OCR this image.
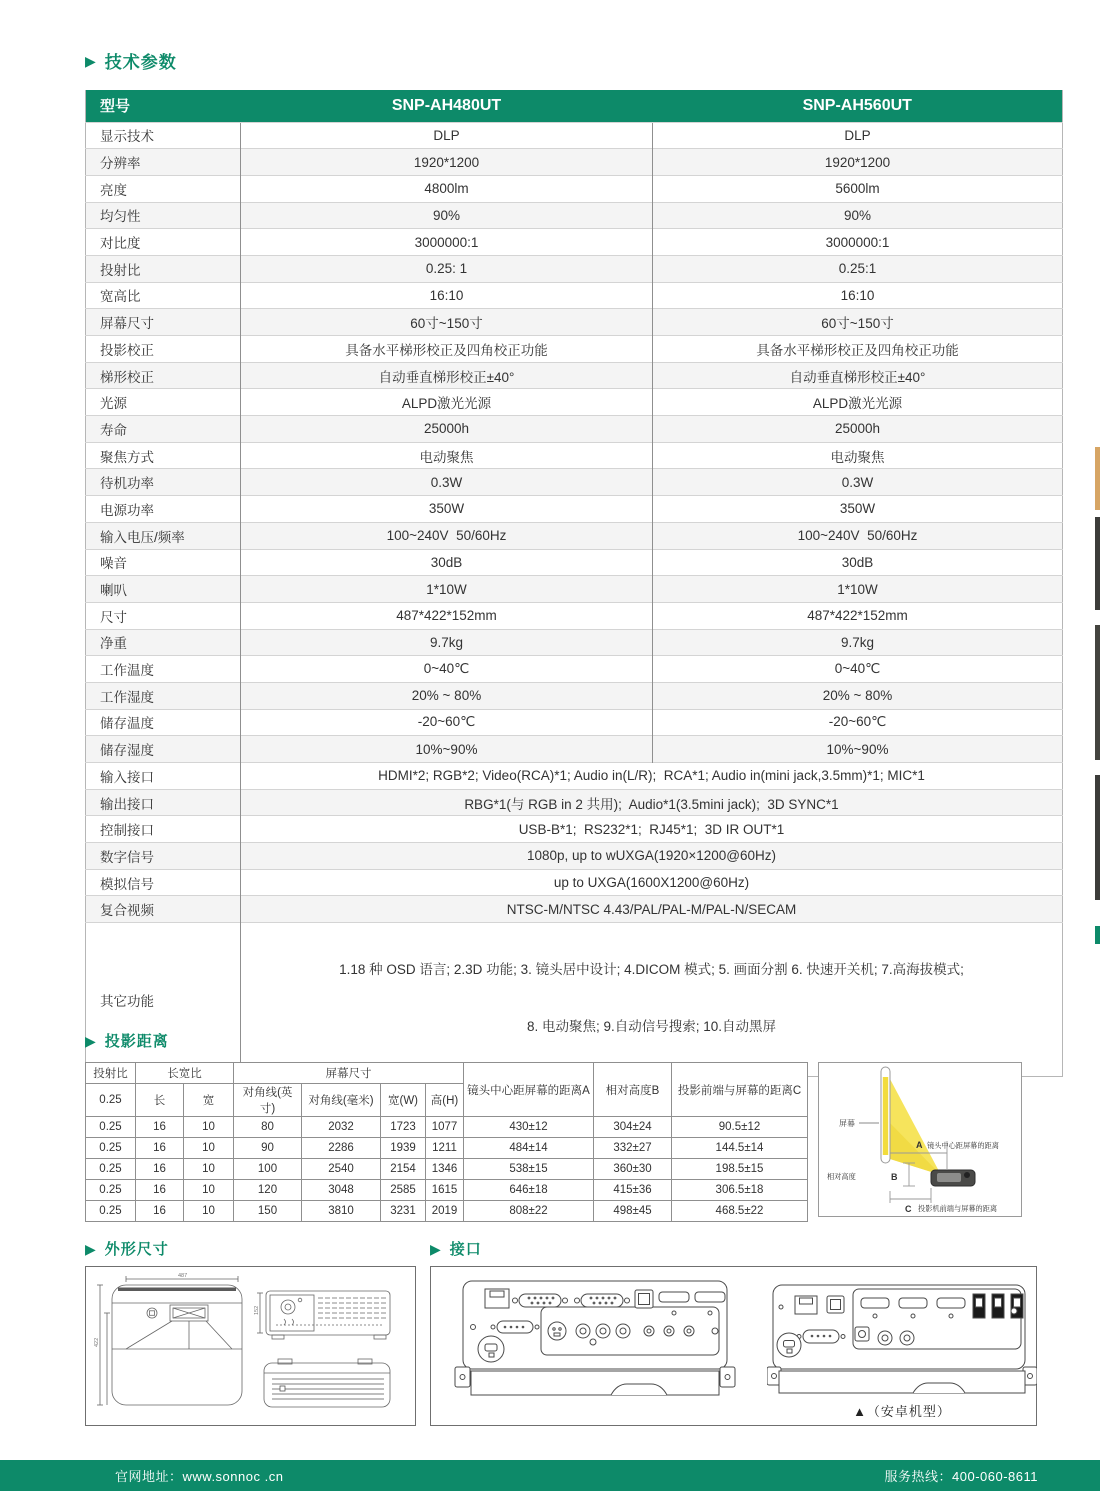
▶ 技术参数
型号	SNP-AH480UT	SNP-AH560UT
显示技术	DLP	DLP
分辨率	1920*1200	1920*1200
亮度	4800lm	5600lm
均匀性	90%	90%
对比度	3000000:1	3000000:1
投射比	0.25: 1	0.25:1
宽高比	16:10	16:10
屏幕尺寸	60寸~150寸	60寸~150寸
投影校正	具备水平梯形校正及四角校正功能	具备水平梯形校正及四角校正功能
梯形校正	自动垂直梯形校正±40°	自动垂直梯形校正±40°
光源	ALPD激光光源	ALPD激光光源
寿命	25000h	25000h
聚焦方式	电动聚焦	电动聚焦
待机功率	0.3W	0.3W
电源功率	350W	350W
输入电压/频率	100~240V  50/60Hz	100~240V  50/60Hz
噪音	30dB	30dB
喇叭	1*10W	1*10W
尺寸	487*422*152mm	487*422*152mm
净重	9.7kg	9.7kg
工作温度	0~40℃	0~40℃
工作湿度	20% ~ 80%	20% ~ 80%
储存温度	-20~60℃	-20~60℃
储存湿度	10%~90%	10%~90%
输入接口	HDMI*2; RGB*2; Video(RCA)*1; Audio in(L/R);  RCA*1; Audio in(mini jack,3.5mm)*1; MIC*1	
输出接口	RBG*1(与 RGB in 2 共用);  Audio*1(3.5mini jack);  3D SYNC*1	
控制接口	USB-B*1;  RS232*1;  RJ45*1;  3D IR OUT*1	
数字信号	1080p, up to wUXGA(1920×1200@60Hz)	
模拟信号	up to UXGA(1600X1200@60Hz)	
复合视频	NTSC-M/NTSC 4.43/PAL/PAL-M/PAL-N/SECAM	
其它功能	1.18 种 OSD 语言; 2.3D 功能; 3. 镜头居中设计; 4.DICOM 模式; 5. 画面分割 6. 快速开关机; 7.高海拔模式;

8. 电动聚焦; 9.自动信号搜索; 10.自动黑屏	

▶ 投影距离
投射比	长宽比		屏幕尺寸				镜头中心距屏幕的距离A	相对高度B	投影前端与屏幕的距离C
0.25	长	宽	对角线(英寸)	对角线(毫米)	宽(W)	高(H)			
0.25	16	10	80	2032	1723	1077	430±12	304±24	90.5±12
0.25	16	10	90	2286	1939	1211	484±14	332±27	144.5±14
0.25	16	10	100	2540	2154	1346	538±15	360±30	198.5±15
0.25	16	10	120	3048	2585	1615	646±18	415±36	306.5±18
0.25	16	10	150	3810	3231	2019	808±22	498±45	468.5±22
屏幕
A 镜头中心距屏幕的距离
相对高度	B
C 投影机前端与屏幕的距离
▶ 外形尺寸
487
422
152
▶ 接口
▲（安卓机型）
官网地址：www.sonnoc .cn	服务热线：400-060-8611
